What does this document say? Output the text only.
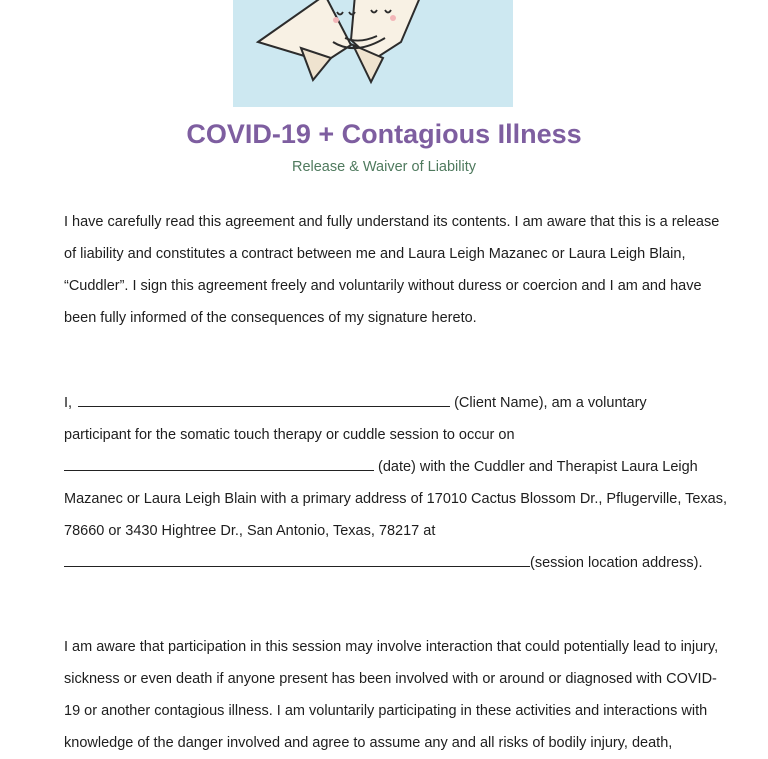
COVID-19 + Contagious Illness
Release & Waiver of Liability
I have carefully read this agreement and fully understand its contents. I am aware that this is a release
of liability and constitutes a contract between me and Laura Leigh Mazanec or Laura Leigh Blain,
“Cuddler”. I sign this agreement freely and voluntarily without duress or coercion and I am and have
been fully informed of the consequences of my signature hereto.
I,	(Client Name), am a voluntary
participant for the somatic touch therapy or cuddle session to occur on
(date) with the Cuddler and Therapist Laura Leigh
Mazanec or Laura Leigh Blain with a primary address of 17010 Cactus Blossom Dr., Pflugerville, Texas,
78660 or 3430 Hightree Dr., San Antonio, Texas, 78217 at
(session location address).
I am aware that participation in this session may involve interaction that could potentially lead to injury,
sickness or even death if anyone present has been involved with or around or diagnosed with COVID-
19 or another contagious illness. I am voluntarily participating in these activities and interactions with
knowledge of the danger involved and agree to assume any and all risks of bodily injury, death,
